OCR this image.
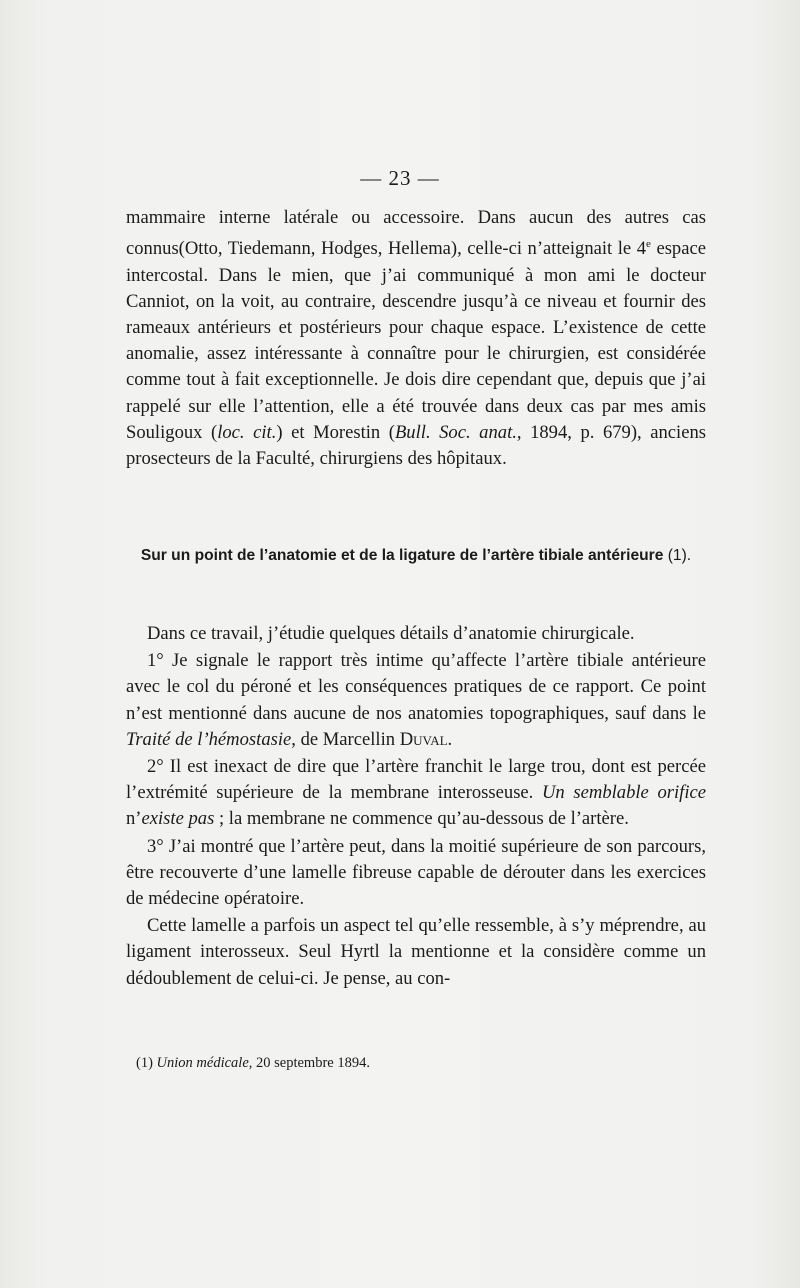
— 23 —

mammaire interne latérale ou accessoire. Dans aucun des autres cas connus(Otto, Tiedemann, Hodges, Hellema), celle-ci n’atteignait le 4e espace intercostal. Dans le mien, que j’ai communiqué à mon ami le docteur Canniot, on la voit, au contraire, descendre jusqu’à ce niveau et fournir des rameaux antérieurs et postérieurs pour chaque espace. L’existence de cette anomalie, assez intéressante à connaître pour le chirurgien, est considérée comme tout à fait exceptionnelle. Je dois dire cependant que, depuis que j’ai rappelé sur elle l’attention, elle a été trouvée dans deux cas par mes amis Souligoux (loc. cit.) et Morestin (Bull. Soc. anat., 1894, p. 679), anciens prosecteurs de la Faculté, chirurgiens des hôpitaux.

Sur un point de l’anatomie et de la ligature de l’artère tibiale antérieure (1).

Dans ce travail, j’étudie quelques détails d’anatomie chirurgicale.

1° Je signale le rapport très intime qu’affecte l’artère tibiale antérieure avec le col du péroné et les conséquences pratiques de ce rapport. Ce point n’est mentionné dans aucune de nos anatomies topographiques, sauf dans le Traité de l’hémostasie, de Marcellin Duval.

2° Il est inexact de dire que l’artère franchit le large trou, dont est percée l’extrémité supérieure de la membrane interosseuse. Un semblable orifice n’existe pas ; la membrane ne commence qu’au-dessous de l’artère.

3° J’ai montré que l’artère peut, dans la moitié supérieure de son parcours, être recouverte d’une lamelle fibreuse capable de dérouter dans les exercices de médecine opératoire.

Cette lamelle a parfois un aspect tel qu’elle ressemble, à s’y méprendre, au ligament interosseux. Seul Hyrtl la mentionne et la considère comme un dédoublement de celui-ci. Je pense, au con-

(1) Union médicale, 20 septembre 1894.
